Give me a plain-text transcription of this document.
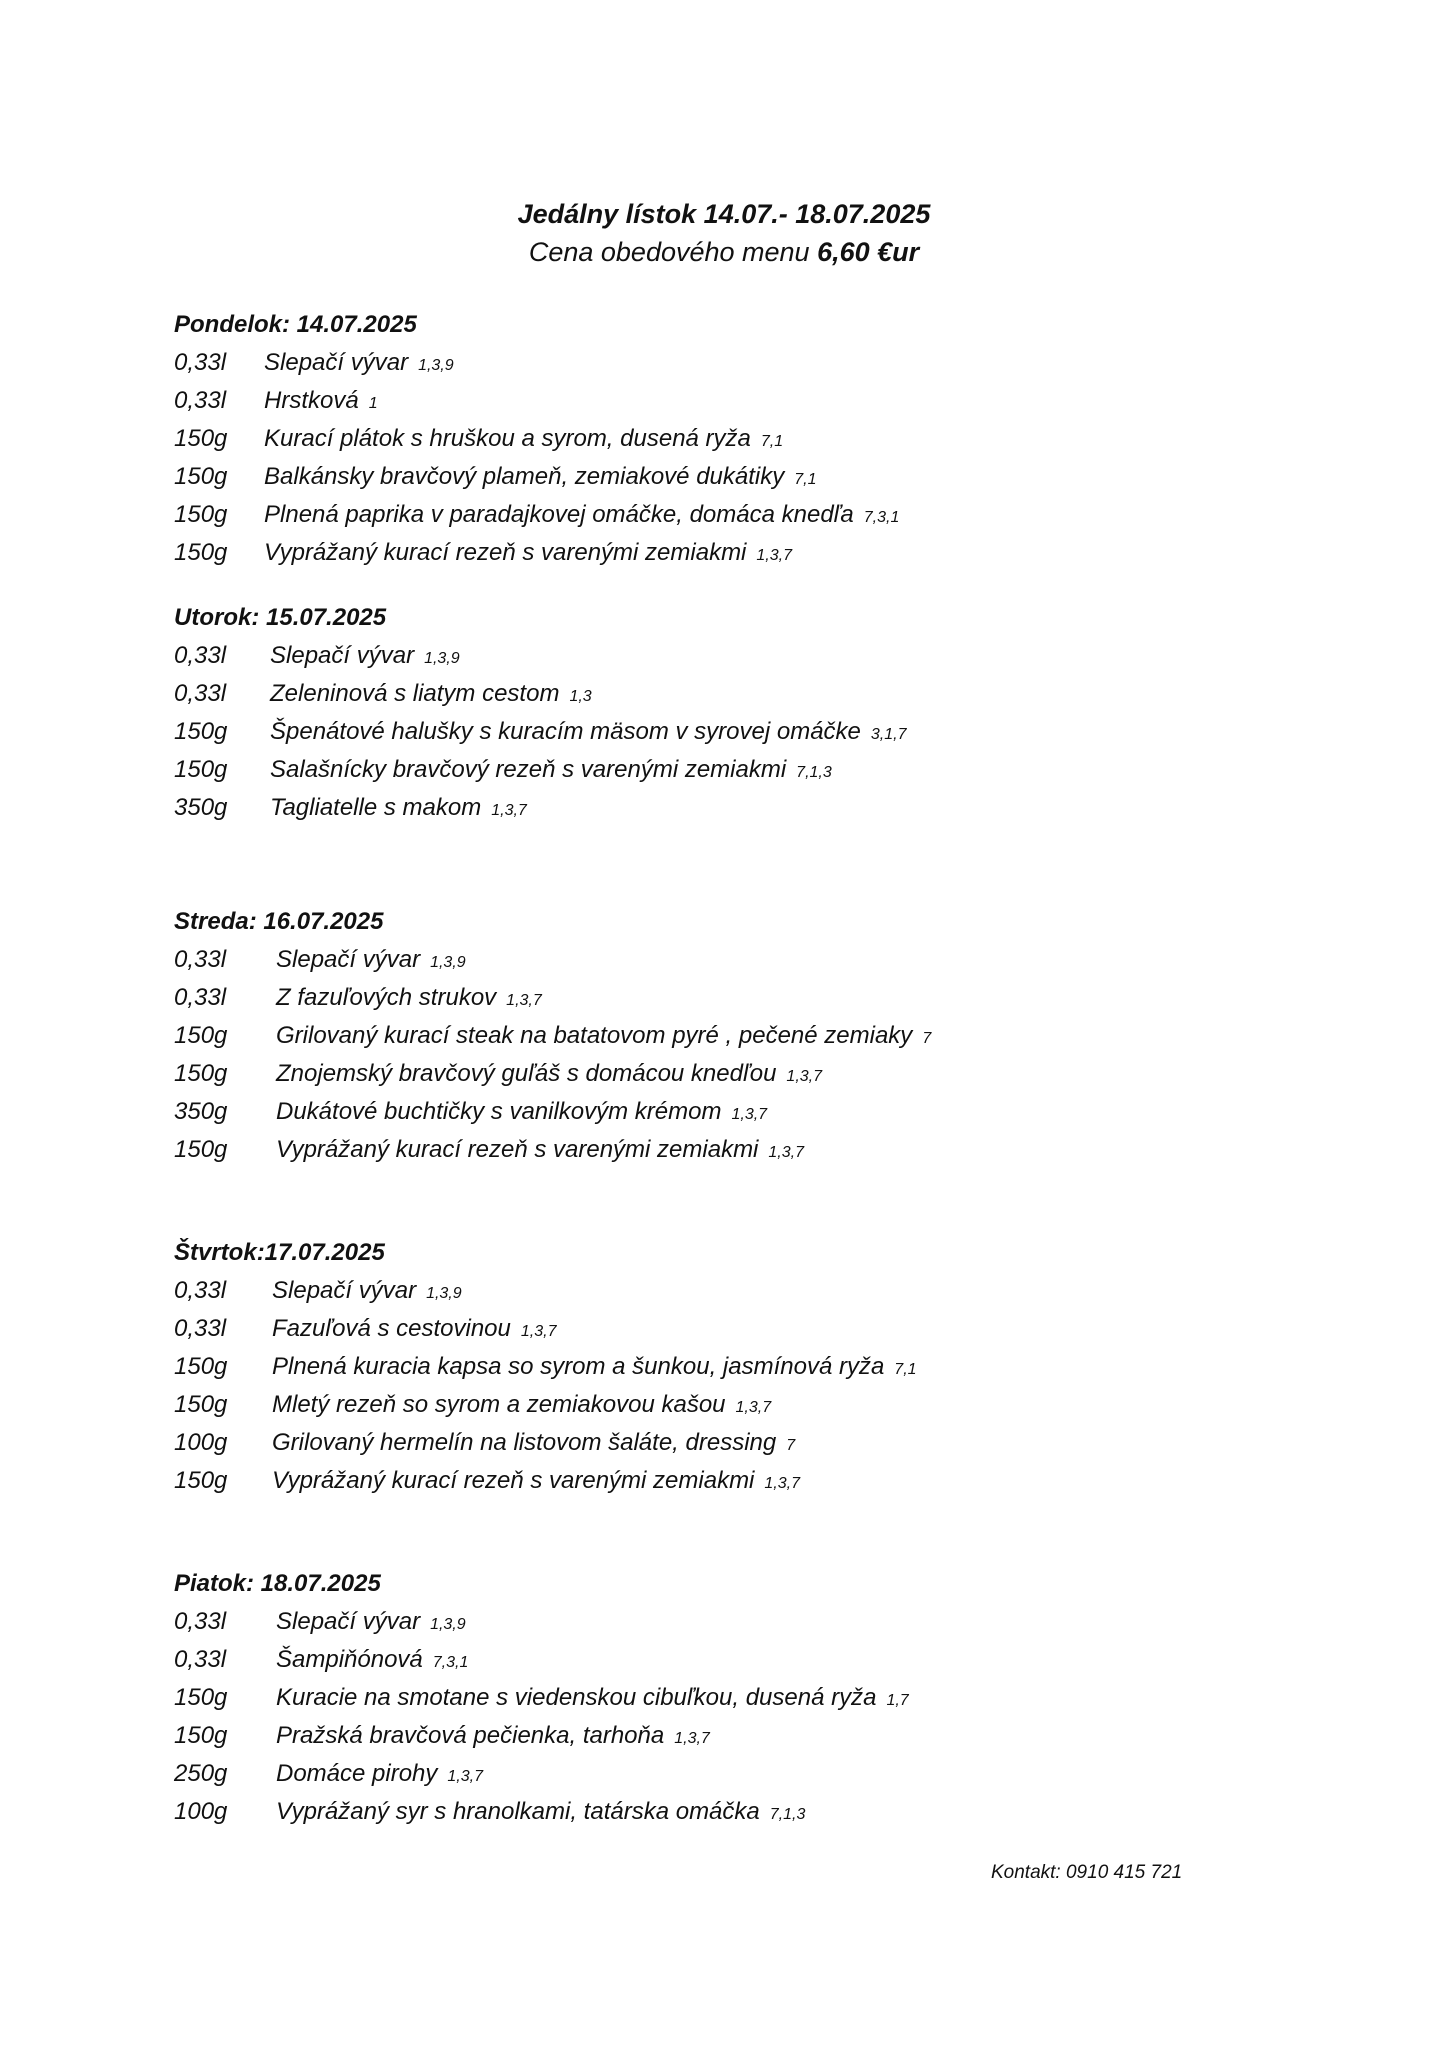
Jedálny lístok 14.07.- 18.07.2025
Cena obedového menu 6,60 €ur
Pondelok: 14.07.2025
0,33l Slepačí vývar 1,3,9
0,33l Hrstková 1
150g Kurací plátok s hruškou a syrom, dusená ryža 7,1
150g Balkánsky bravčový plameň, zemiakové dukátiky 7,1
150g Plnená paprika v paradajkovej omáčke, domáca knedľa 7,3,1
150g Vyprážaný kurací rezeň s varenými zemiakmi 1,3,7
Utorok: 15.07.2025
0,33l Slepačí vývar 1,3,9
0,33l Zeleninová s liatym cestom 1,3
150g Špenátové halušky s kuracím mäsom v syrovej omáčke 3,1,7
150g Salašnícky bravčový rezeň s varenými zemiakmi 7,1,3
350g Tagliatelle s makom 1,3,7
Streda: 16.07.2025
0,33l Slepačí vývar 1,3,9
0,33l Z fazuľových strukov 1,3,7
150g Grilovaný kurací steak na batatovom pyré , pečené zemiaky 7
150g Znojemský bravčový guľáš s domácou knedľou 1,3,7
350g Dukátové buchtičky s vanilkovým krémom 1,3,7
150g Vyprážaný kurací rezeň s varenými zemiakmi 1,3,7
Štvrtok:17.07.2025
0,33l Slepačí vývar 1,3,9
0,33l Fazuľová s cestovinou 1,3,7
150g Plnená kuracia kapsa so syrom a šunkou, jasmínová ryža 7,1
150g Mletý rezeň so syrom a zemiakovou kašou 1,3,7
100g Grilovaný hermelín na listovom šaláte, dressing 7
150g Vyprážaný kurací rezeň s varenými zemiakmi 1,3,7
Piatok: 18.07.2025
0,33l Slepačí vývar 1,3,9
0,33l Šampiňónová 7,3,1
150g Kuracie na smotane s viedenskou cibuľkou, dusená ryža 1,7
150g Pražská bravčová pečienka, tarhoňa 1,3,7
250g Domáce pirohy 1,3,7
100g Vyprážaný syr s hranolkami, tatárska omáčka 7,1,3
Kontakt: 0910 415 721
